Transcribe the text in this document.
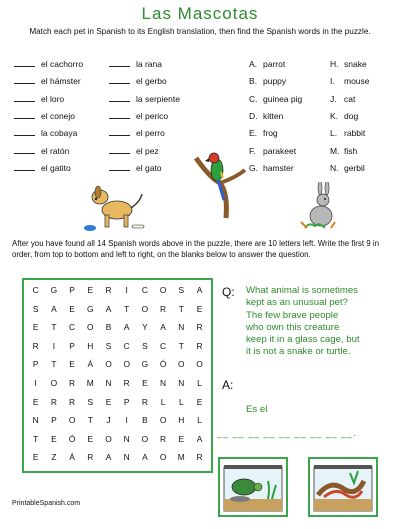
Las Mascotas
Match each pet in Spanish to its English translation, then find the Spanish words in the puzzle.
el cachorro
el hámster
el loro
el conejo
la cobaya
el ratón
el gatito
la rana
el gerbo
la serpiente
el perico
el perro
el pez
el gato
A. parrot
B. puppy
C. guinea pig
D. kitten
E. frog
F. parakeet
G. hamster
H. snake
I. mouse
J. cat
K. dog
L. rabbit
M. fish
N. gerbil
After you have found all 14 Spanish words above in the puzzle, there are 10 letters left. Write the first 9 in order, from top to bottom and left to right, on the blanks below to answer the question.
C	G	P	E	R	I	C	O	S	A
S	A	E	G	A	T	O	R	T	E
E	T	C	O	B	A	Y	A	N	R
R	I	P	H	S	C	S	C	T	R
P	T	E	Á	O	O	G	Ó	O	O
I	O	R	M	N	R	E	N	N	L
E	R	R	S	E	P	R	L	L	E
N	P	O	T	J	I	B	O	H	L
T	E	Ó	E	O	N	O	R	E	A
E	Z	Á	R	A	N	A	O	M	R
Q: What animal is sometimes
kept as an unusual pet?
The few brave people
who own this creature
keep it in a glass cage, but
it is not a snake or turtle.
A:
Es el
__ __ __ __ __ __ __ __ __.
PrintableSpanish.com
